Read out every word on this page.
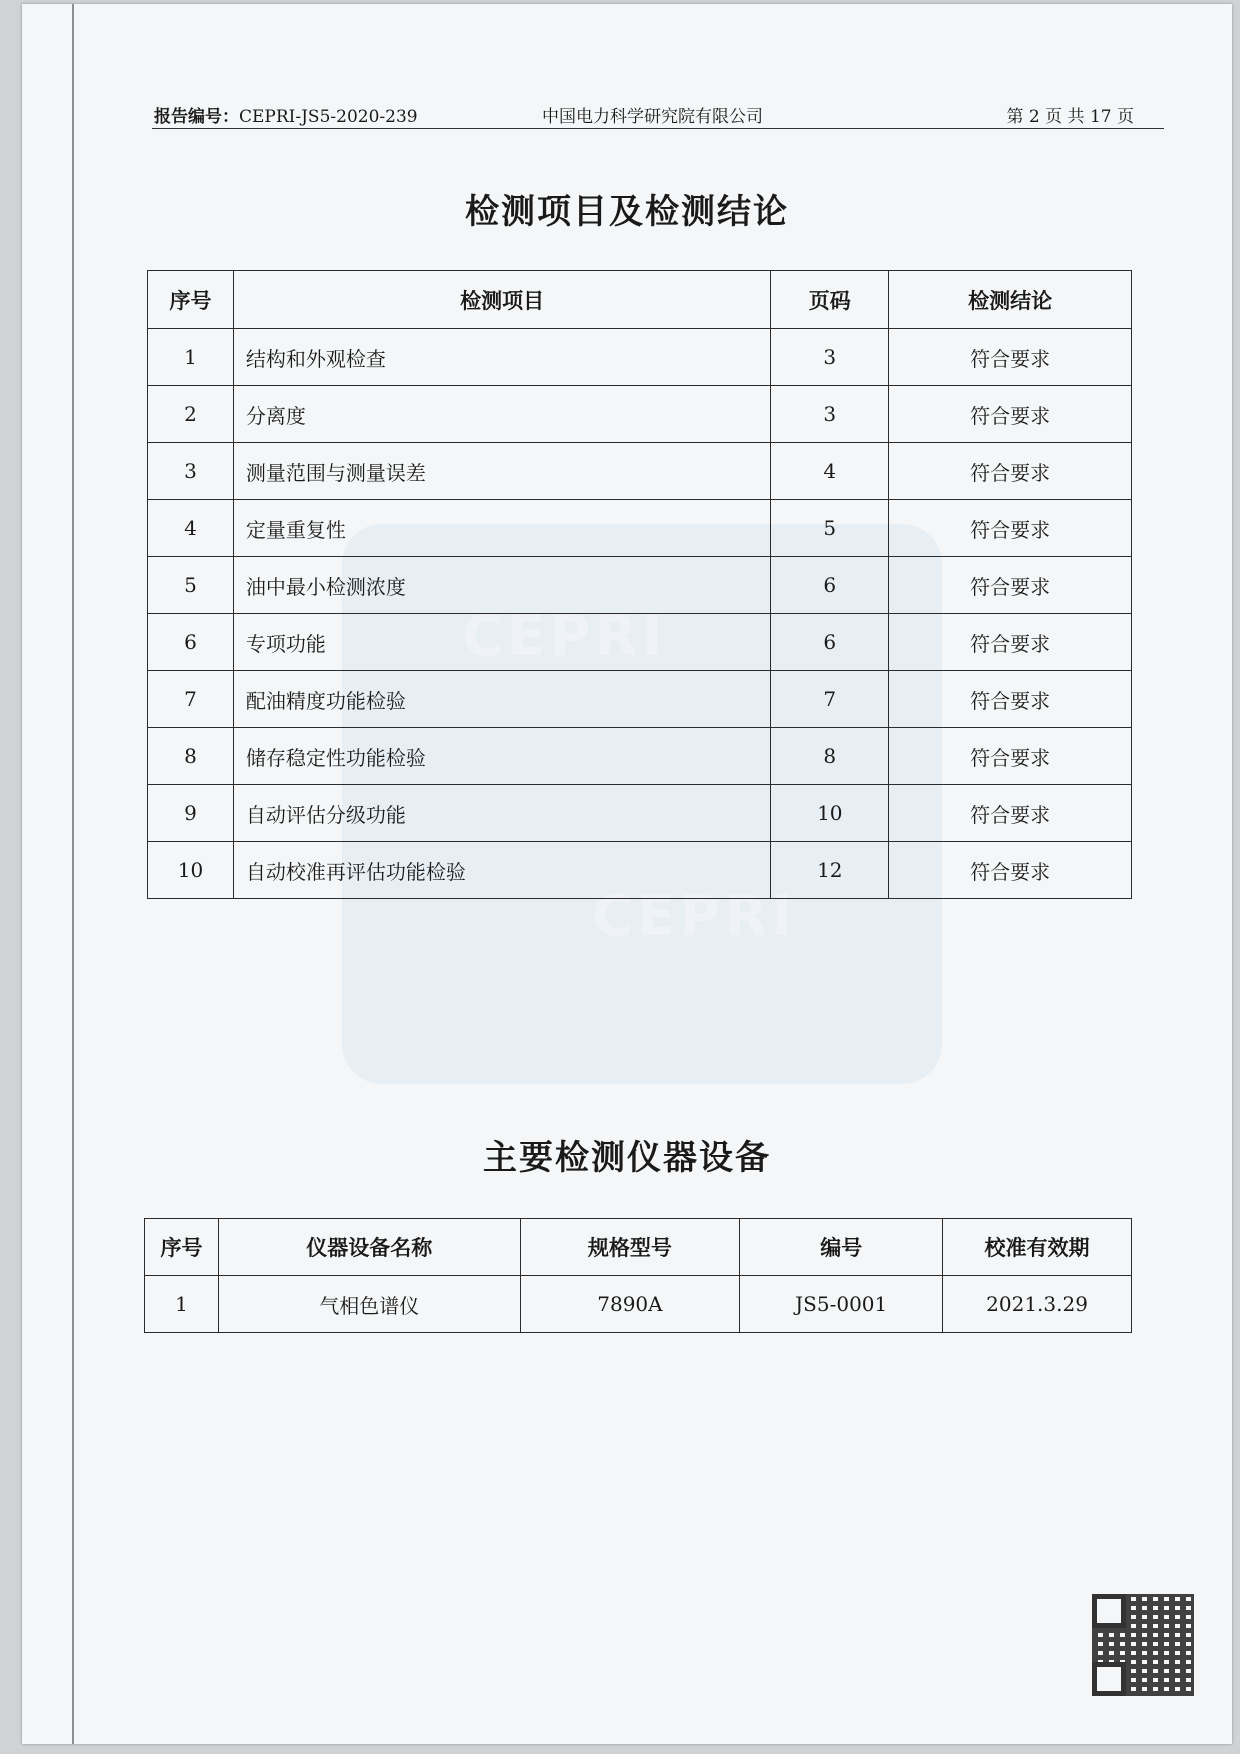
CEPRI
CEPRI
报告编号：CEPRI-JS5-2020-239	中国电力科学研究院有限公司	第 2 页 共 17 页
检测项目及检测结论
序号	检测项目	页码	检测结论
1	结构和外观检查	3	符合要求
2	分离度	3	符合要求
3	测量范围与测量误差	4	符合要求
4	定量重复性	5	符合要求
5	油中最小检测浓度	6	符合要求
6	专项功能	6	符合要求
7	配油精度功能检验	7	符合要求
8	储存稳定性功能检验	8	符合要求
9	自动评估分级功能	10	符合要求
10	自动校准再评估功能检验	12	符合要求
主要检测仪器设备
序号	仪器设备名称	规格型号	编号	校准有效期
1	气相色谱仪	7890A	JS5-0001	2021.3.29
